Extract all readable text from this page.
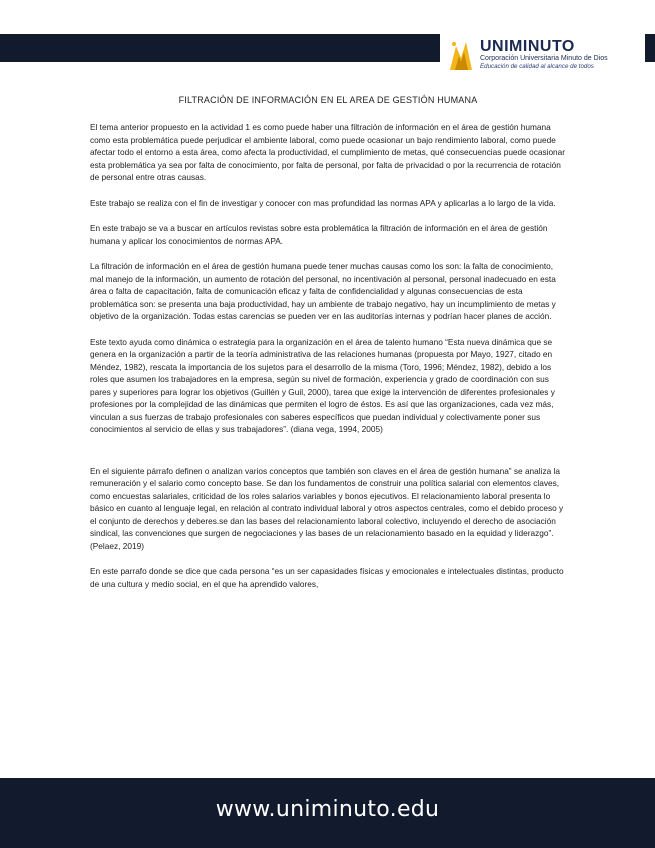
UNIMINUTO
Corporación Universitaria Minuto de Dios
Educación de calidad al alcance de todos
FILTRACIÓN DE INFORMACIÓN EN EL AREA DE GESTIÓN HUMANA

El tema anterior propuesto en la actividad 1 es como puede haber una filtración de información en el área de gestión humana como esta problemática puede perjudicar el ambiente laboral, como puede ocasionar un bajo rendimiento laboral, como puede afectar todo el entorno a esta área, como afecta la productividad, el cumplimiento de metas, qué consecuencias puede ocasionar esta problemática ya sea por falta de conocimiento, por falta de personal, por falta de privacidad o por la recurrencia de rotación de personal entre otras causas.

Este trabajo se realiza con el fin de investigar y conocer con mas profundidad las normas APA y aplicarlas a lo largo de la vida.

En este trabajo se va a buscar en artículos revistas sobre esta problemática la filtración de información en el área de gestión humana y aplicar los conocimientos de normas APA.

La filtración de información en el área de gestión humana puede tener muchas causas como los son: la falta de conocimiento, mal manejo de la información, un aumento de rotación del personal, no incentivación al personal, personal inadecuado en esta área o falta de capacitación, falta de comunicación eficaz y falta de confidencialidad y algunas consecuencias de esta problemática son: se presenta una baja productividad, hay un ambiente de trabajo negativo, hay un incumplimiento de metas y objetivo de la organización. Todas estas carencias se pueden ver en las auditorías internas y podrían hacer planes de acción.

Este texto ayuda como dinámica o estrategia para la organización en el área de talento humano “Esta nueva dinámica que se genera en la organización a partir de la teoría administrativa de las relaciones humanas (propuesta por Mayo, 1927, citado en Méndez, 1982), rescata la importancia de los sujetos para el desarrollo de la misma (Toro, 1996; Méndez, 1982), debido a los roles que asumen los trabajadores en la empresa, según su nivel de formación, experiencia y grado de coordinación con sus pares y superiores para lograr los objetivos (Guillén y Guil, 2000), tarea que exige la intervención de diferentes profesionales y profesiones por la complejidad de las dinámicas que permiten el logro de éstos. Es así que las organizaciones, cada vez más, vinculan a sus fuerzas de trabajo profesionales con saberes específicos que puedan individual y colectivamente poner sus conocimientos al servicio de ellas y sus trabajadores”. (diana vega, 1994, 2005)

En el siguiente párrafo definen o analizan varios conceptos que también son claves en el área de gestión humana” se analiza la remuneración y el salario como concepto base. Se dan los fundamentos de construir una política salarial con elementos claves, como encuestas salariales, criticidad de los roles salarios variables y bonos ejecutivos. El relacionamiento laboral presenta lo básico en cuanto al lenguaje legal, en relación al contrato individual laboral y otros aspectos centrales, como el debido proceso y el conjunto de derechos y deberes.se dan las bases del relacionamiento laboral colectivo, incluyendo el derecho de asociación sindical, las convenciones que surgen de negociaciones y las bases de un relacionamiento basado en la equidad y liderazgo”. (Pelaez, 2019)

En este parrafo donde se dice que cada persona “es un ser capasidades físicas y emocionales e intelectuales distintas, producto de una cultura y medio social, en el que ha aprendido valores,

www.uniminuto.edu
